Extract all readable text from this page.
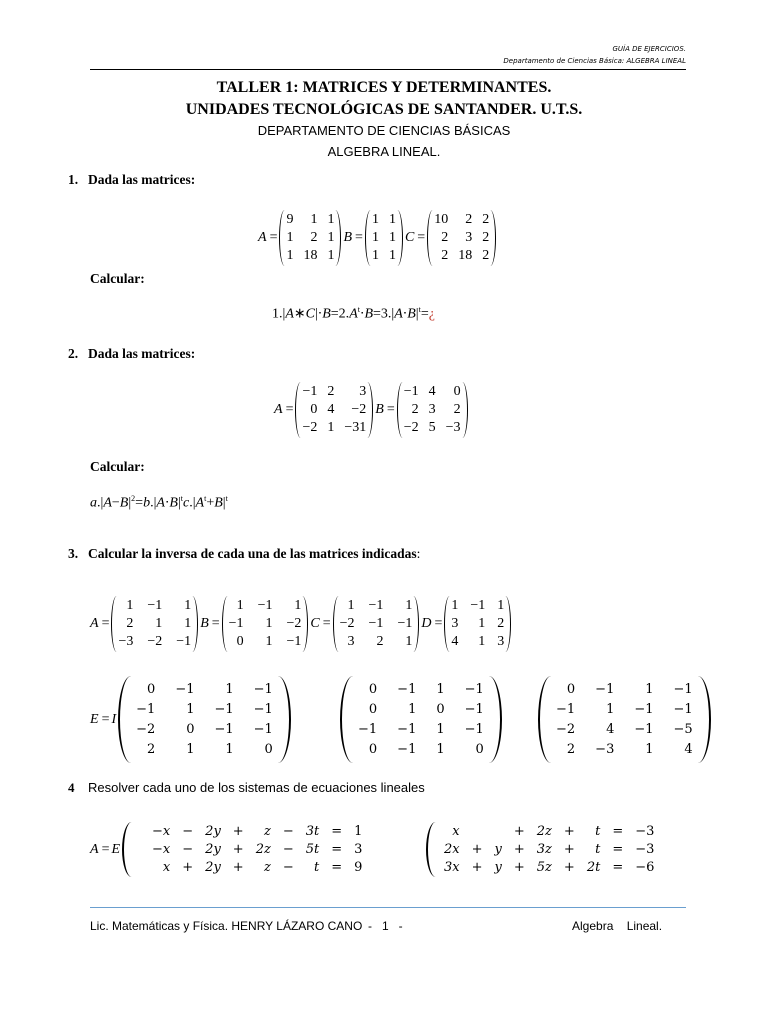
GUÍA DE EJERCICIOS.
Departamento de Ciencias Básica: ALGEBRA LINEAL
TALLER 1: MATRICES Y DETERMINANTES.
UNIDADES TECNOLÓGICAS DE SANTANDER. U.T.S.
DEPARTAMENTO DE CIENCIAS BÁSICAS
ALGEBRA LINEAL.
1. Dada las matrices:
A =
9	1 1
1	2 1
1 18 1
B =
1 1
1 1
1 1
C =
10	2 2
2	3 2
2 18 2
Calcular:
$1.|A∗C|\cdot B=2.A^t\cdot B=3.|A\cdot B|^t=¿$
2. Dada las matrices:
A =
−1 2	3
0 4	−2
−2 1 −31
B =
−1 4	0
2 3	2
−2 5 −3
Calcular:
$a.|A-B|^2=b.|A\cdot B|^tc.|A^t+B|^t$
3. Calcular la inversa de cada una de las matrices indicadas:
A =
1 −1	1
2	1	1
−3 −2 −1
B =
1 −1	1
−1	1 −2
0	1 −1
C =
1 −1	1
−2 −1 −1
3	2	1
D =
1 −1 1
3	1 2
4	1 3
E = I
0 −1	1 −1
−1	1 −1 −1
−2	0 −1 −1
2	1	1	0
0 −1 1 −1
0	1 0 −1
−1 −1 1 −1
0 −1 1	0
0 −1	1 −1
−1	1 −1 −1
−2	4 −1 −5
2 −3	1	4
4 Resolver cada uno de los sistemas de ecuaciones lineales
A = E
−x − 2y +	z − 3t = 1
−x − 2y + 2z − 5t = 3
x + 2y +	z −	t = 9
x	+ 2z +	t = −3
2x + y + 3z +	t = −3
3x + y + 5z + 2t = −6
Lic. Matemáticas y Física. HENRY LÁZARO CANO -   1   -	Algebra    Lineal.
